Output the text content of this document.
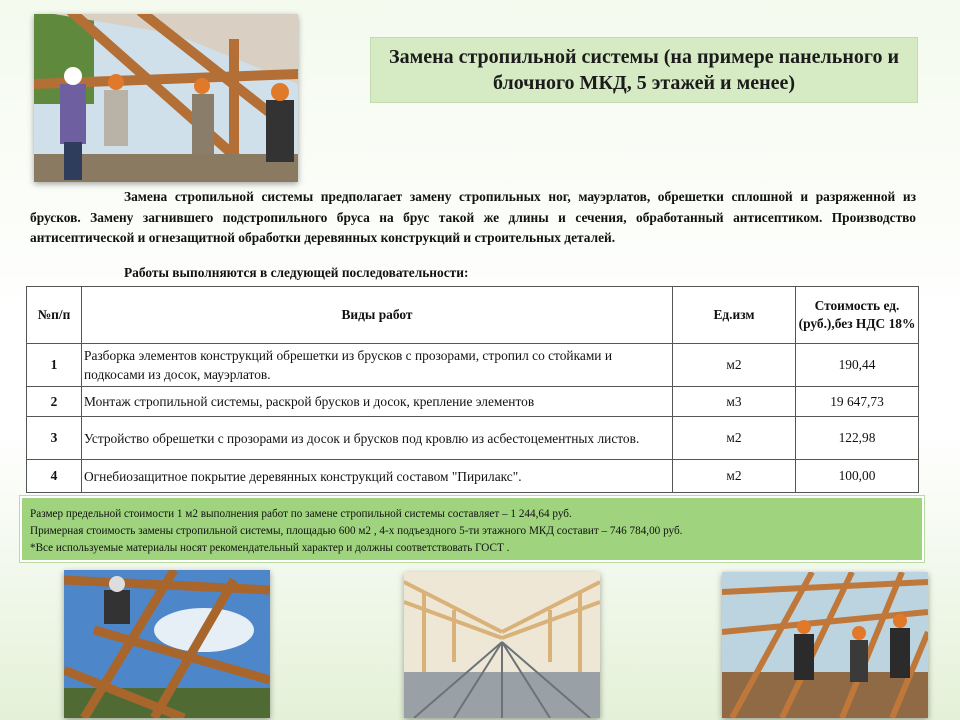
Замена стропильной системы (на примере панельного и блочного МКД, 5 этажей и менее)

Замена стропильной системы предполагает замену стропильных ног, мауэрлатов, обрешетки сплошной и разряженной из брусков. Замену загнившего подстропильного бруса на брус такой же длины и сечения, обработанный антисептиком. Производство антисептической и огнезащитной обработки деревянных конструкций и строительных деталей.

Работы выполняются в следующей последовательности:

№п/п	Виды работ	Ед.изм	Стоимость ед. (руб.),без НДС 18%
1	Разборка элементов конструкций обрешетки из брусков с прозорами, стропил со стойками и подкосами из досок, мауэрлатов.	м2	190,44
2	Монтаж стропильной системы, раскрой брусков и досок, крепление элементов	м3	19 647,73
3	Устройство обрешетки с прозорами из досок и брусков под кровлю из асбестоцементных листов.	м2	122,98
4	Огнебиозащитное покрытие деревянных конструкций составом "Пирилакс".	м2	100,00

Размер предельной стоимости 1 м2 выполнения работ по замене стропильной системы составляет – 1 244,64 руб.

Примерная стоимость замены стропильной системы, площадью 600 м2 , 4-х подъездного 5-ти этажного МКД составит – 746 784,00 руб.

*Все используемые материалы носят рекомендательный характер и должны соответствовать ГОСТ .
